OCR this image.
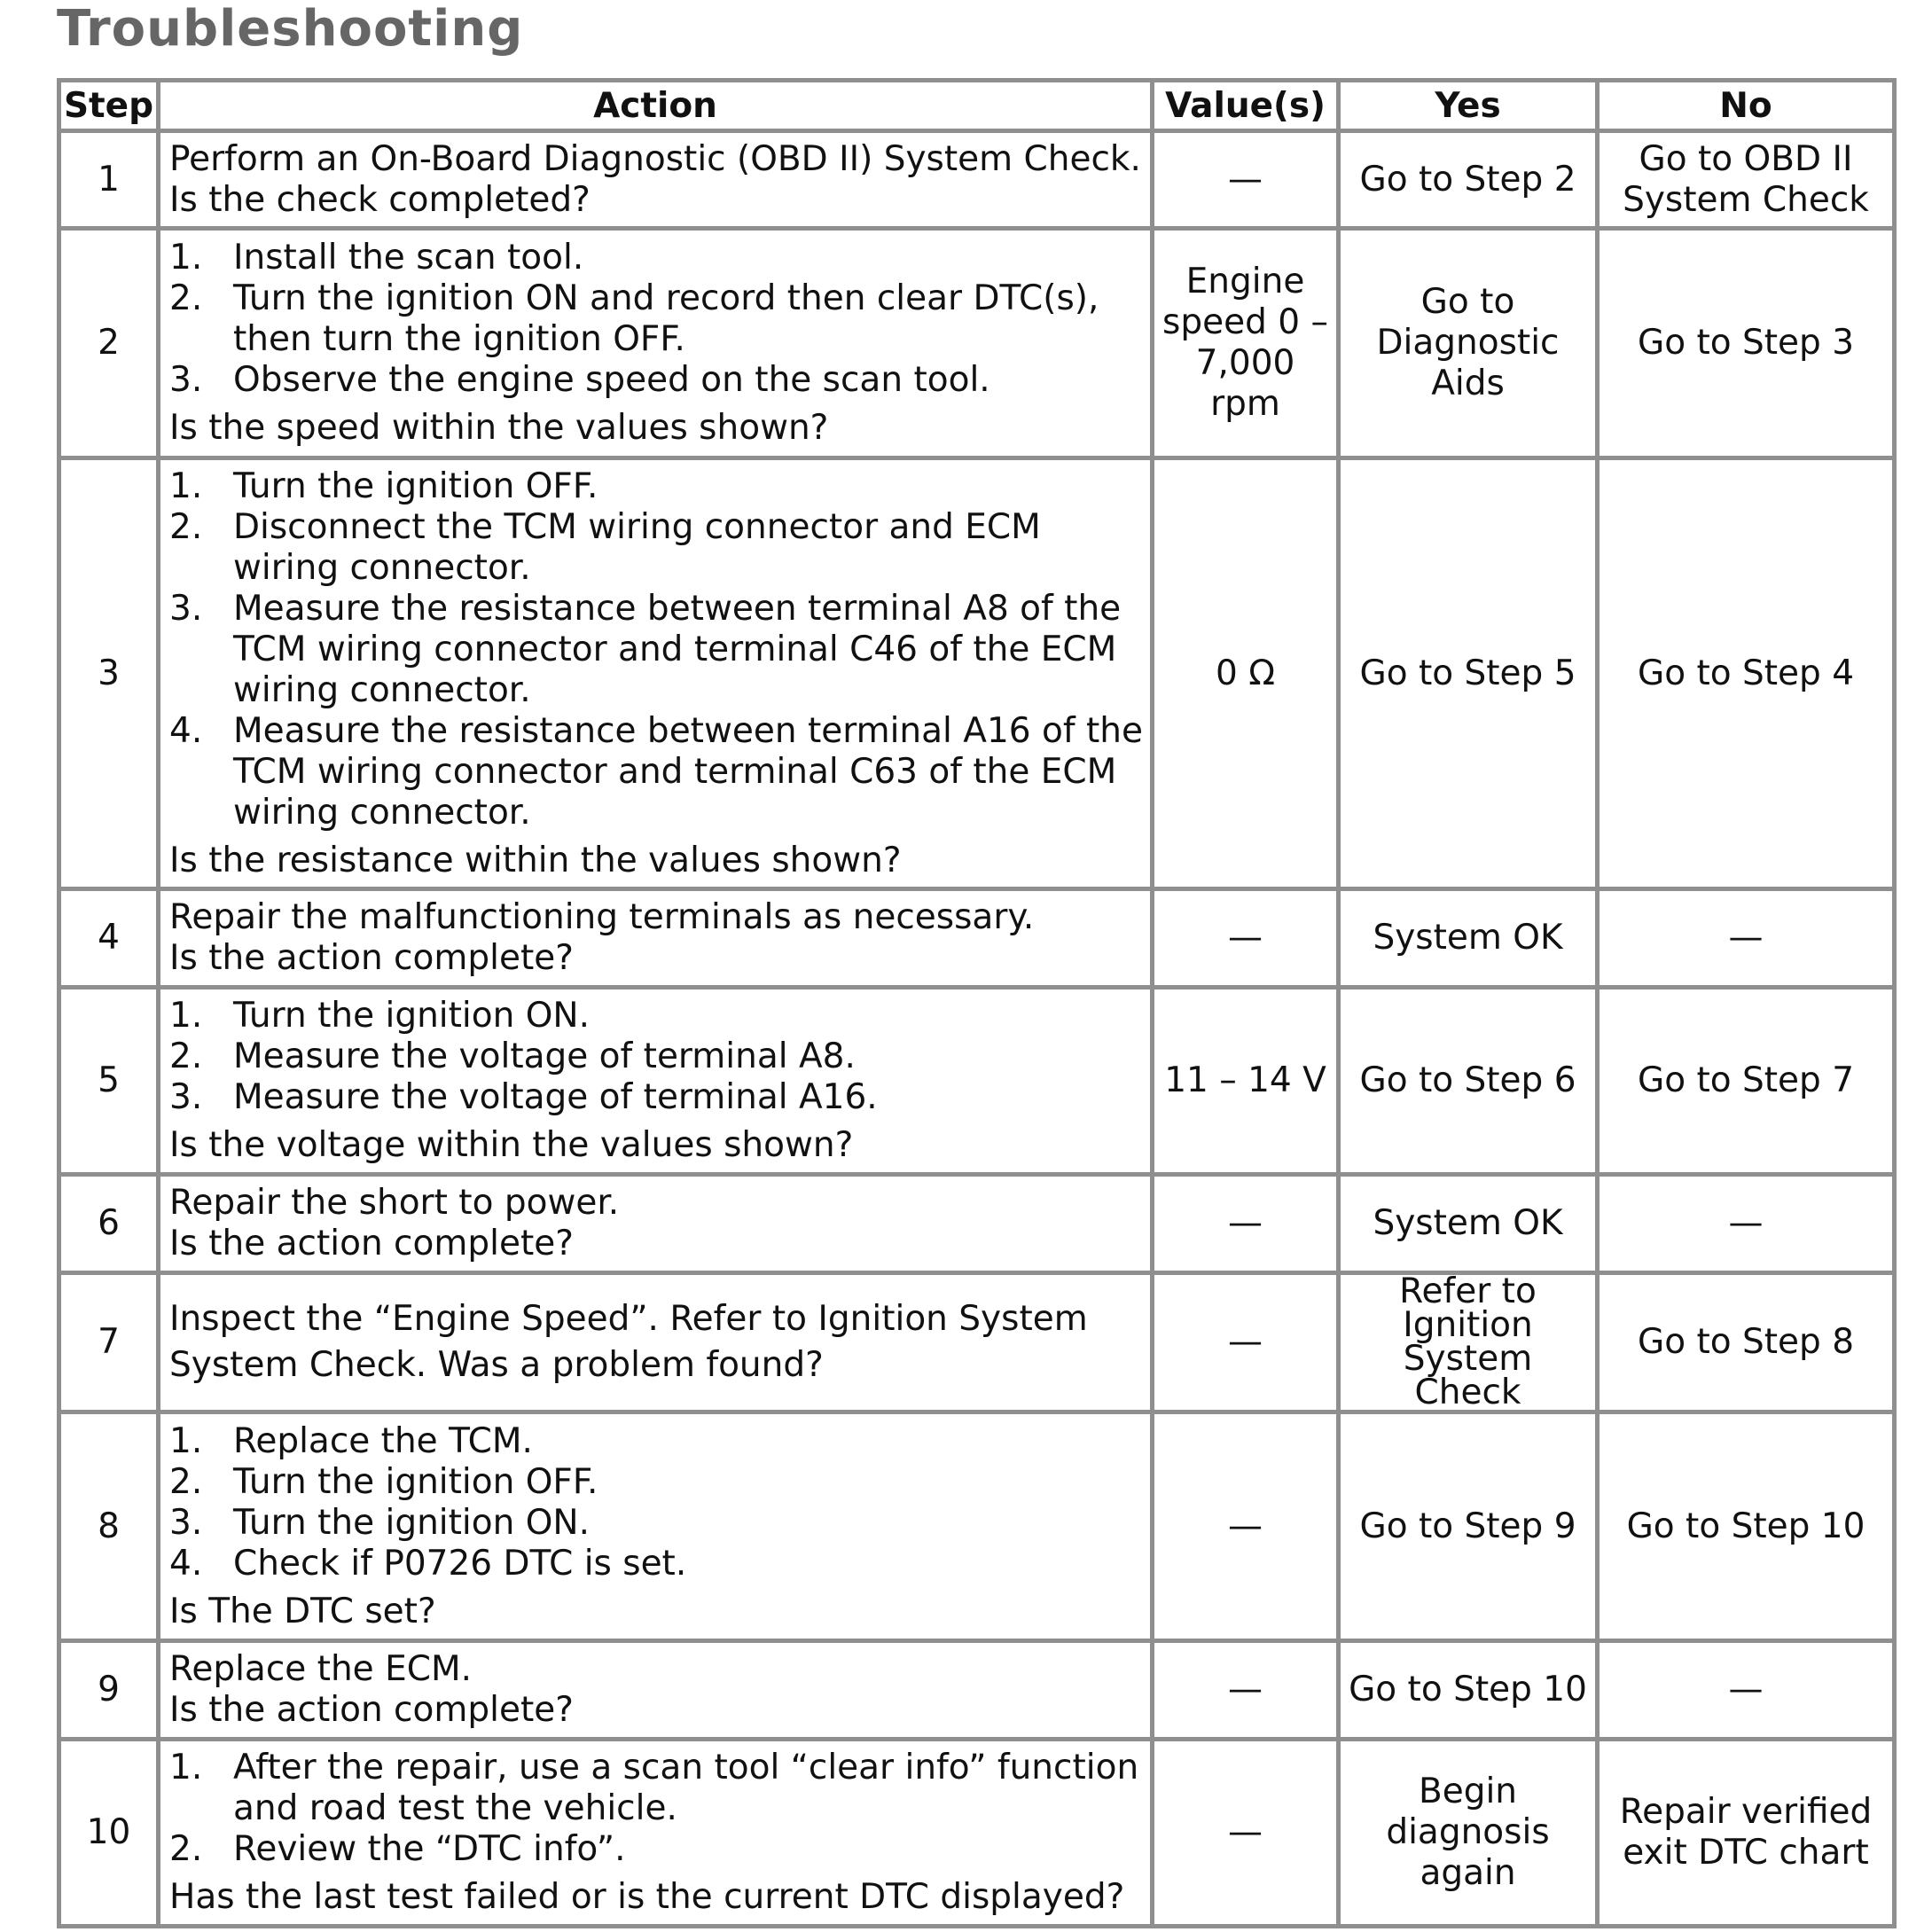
Troubleshooting
Step	Action	Value(s)	Yes	No
1	Perform an On-Board Diagnostic (OBD II) System Check.
Is the check completed?	—	Go to Step 2	Go to OBD II System Check
2	1. Install the scan tool.
2. Turn the ignition ON and record then clear DTC(s), then turn the ignition OFF.
3. Observe the engine speed on the scan tool.
Is the speed within the values shown?	Engine speed 0 – 7,000 rpm	Go to Diagnostic Aids	Go to Step 3
3	1. Turn the ignition OFF.
2. Disconnect the TCM wiring connector and ECM wiring connector.
3. Measure the resistance between terminal A8 of the TCM wiring connector and terminal C46 of the ECM wiring connector.
4. Measure the resistance between terminal A16 of the TCM wiring connector and terminal C63 of the ECM wiring connector.
Is the resistance within the values shown?	0 Ω	Go to Step 5	Go to Step 4
4	Repair the malfunctioning terminals as necessary.
Is the action complete?	—	System OK	—
5	1. Turn the ignition ON.
2. Measure the voltage of terminal A8.
3. Measure the voltage of terminal A16.
Is the voltage within the values shown?	11 – 14 V	Go to Step 6	Go to Step 7
6	Repair the short to power.
Is the action complete?	—	System OK	—
7	Inspect the “Engine Speed”. Refer to Ignition System
System Check. Was a problem found?	—	Refer to Ignition System Check	Go to Step 8
8	1. Replace the TCM.
2. Turn the ignition OFF.
3. Turn the ignition ON.
4. Check if P0726 DTC is set.
Is The DTC set?	—	Go to Step 9	Go to Step 10
9	Replace the ECM.
Is the action complete?	—	Go to Step 10	—
10	1. After the repair, use a scan tool “clear info” function and road test the vehicle.
2. Review the “DTC info”.
Has the last test failed or is the current DTC displayed?	—	Begin diagnosis again	Repair verified exit DTC chart
